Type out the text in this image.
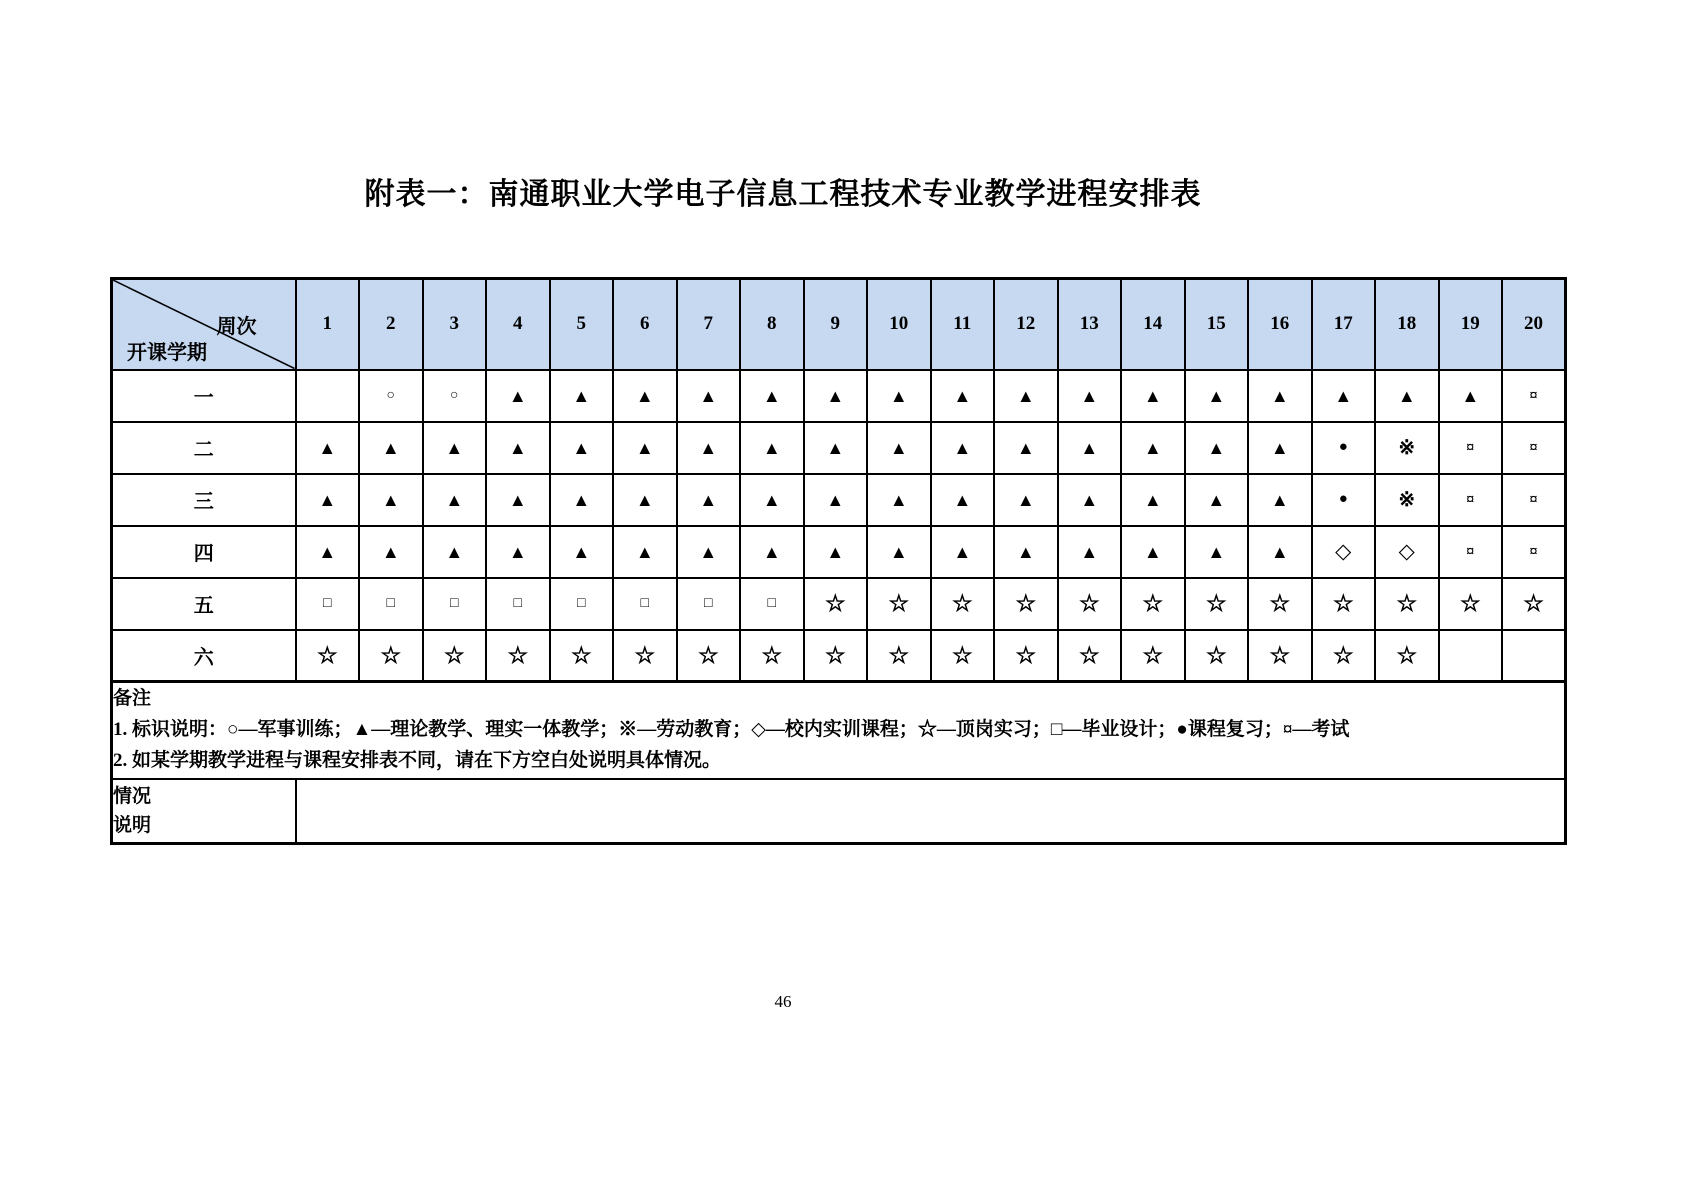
附表一：南通职业大学电子信息工程技术专业教学进程安排表
周次
开课学期	1	2	3	4	5	6	7	8	9	10	11	12	13	14	15	16	17	18	19	20
一		○	○	▲	▲	▲	▲	▲	▲	▲	▲	▲	▲	▲	▲	▲	▲	▲	▲	¤
二	▲	▲	▲	▲	▲	▲	▲	▲	▲	▲	▲	▲	▲	▲	▲	▲	●	※	¤	¤
三	▲	▲	▲	▲	▲	▲	▲	▲	▲	▲	▲	▲	▲	▲	▲	▲	●	※	¤	¤
四	▲	▲	▲	▲	▲	▲	▲	▲	▲	▲	▲	▲	▲	▲	▲	▲	◇	◇	¤	¤
五	□	□	□	□	□	□	□	□	☆	☆	☆	☆	☆	☆	☆	☆	☆	☆	☆	☆
六	☆	☆	☆	☆	☆	☆	☆	☆	☆	☆	☆	☆	☆	☆	☆	☆	☆	☆		

备注
1. 标识说明：○—军事训练；▲—理论教学、理实一体教学；※—劳动教育；◇—校内实训课程；☆—顶岗实习；□—毕业设计；●课程复习；¤—考试
2. 如某学期教学进程与课程安排表不同，请在下方空白处说明具体情况。																				

情况
说明																				

46
